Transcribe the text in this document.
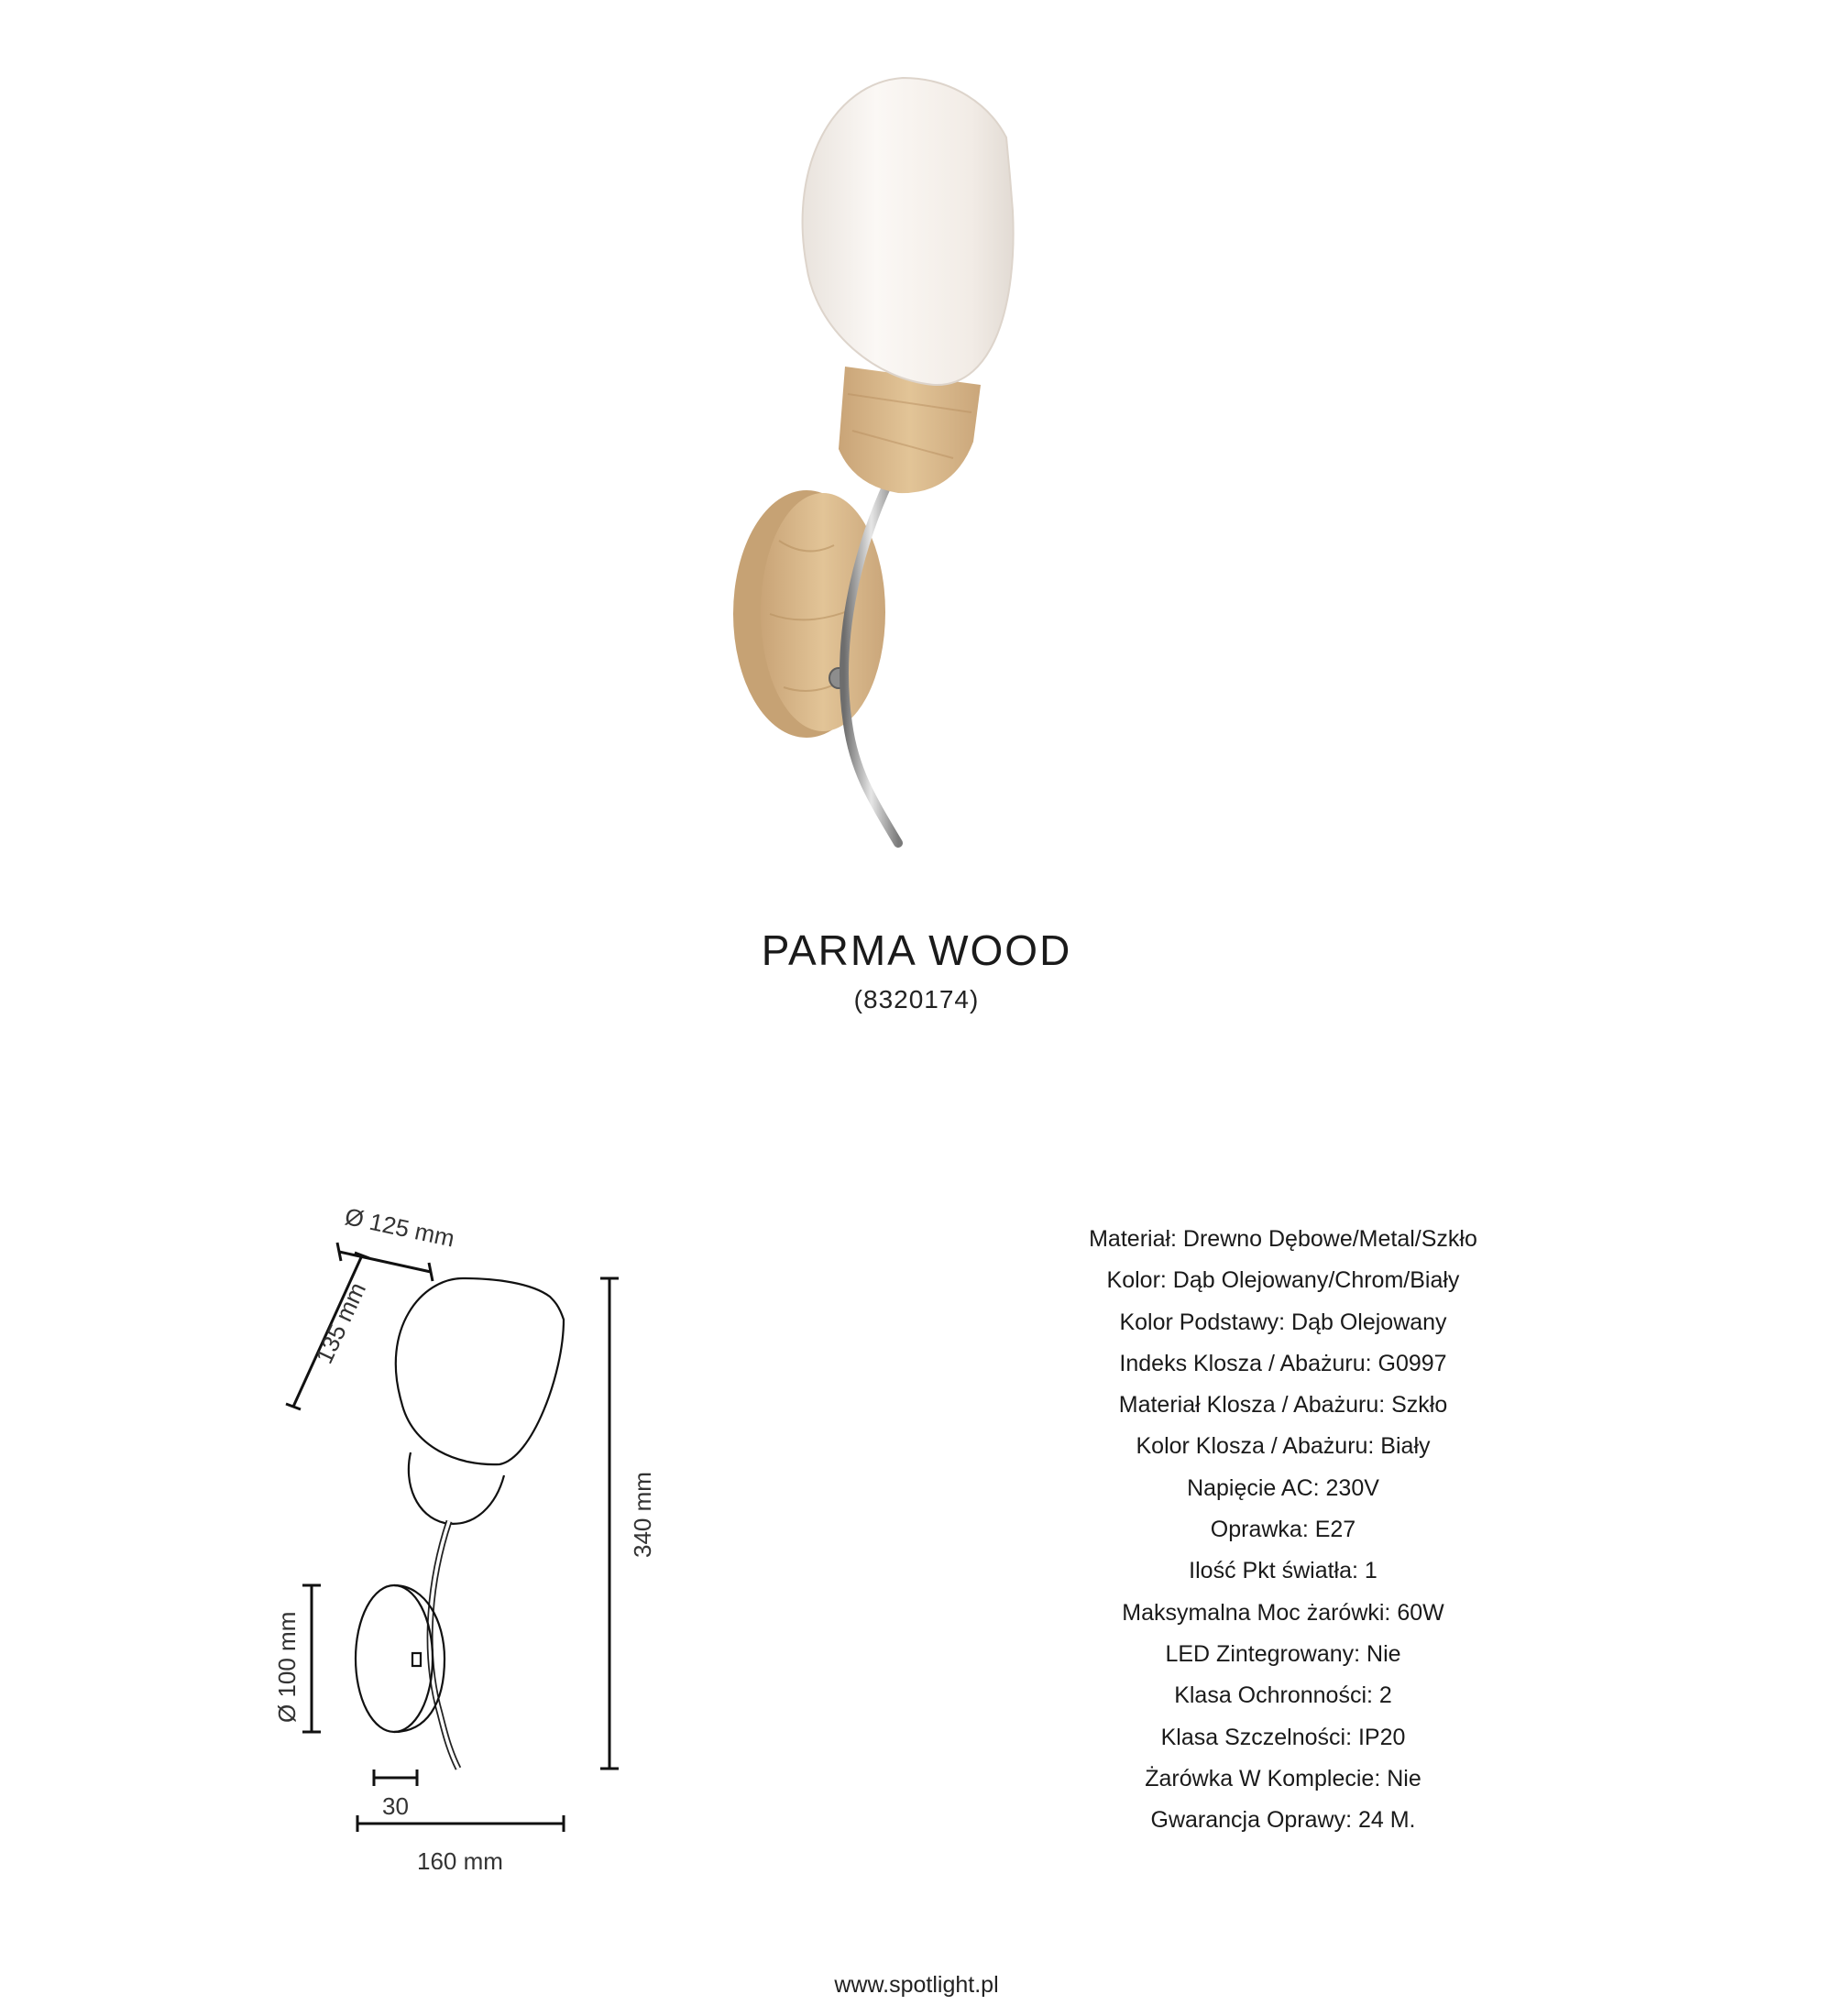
PARMA WOOD
(8320174)
Ø 125 mm
135 mm
340 mm
Ø 100 mm
30
160 mm
Materiał: Drewno Dębowe/Metal/Szkło
Kolor: Dąb Olejowany/Chrom/Biały
Kolor Podstawy: Dąb Olejowany
Indeks Klosza / Abażuru: G0997
Materiał Klosza / Abażuru: Szkło
Kolor Klosza / Abażuru: Biały
Napięcie AC: 230V
Oprawka: E27
Ilość Pkt światła: 1
Maksymalna Moc żarówki: 60W
LED Zintegrowany: Nie
Klasa Ochronności: 2
Klasa Szczelności: IP20
Żarówka W Komplecie: Nie
Gwarancja Oprawy: 24 M.
www.spotlight.pl
